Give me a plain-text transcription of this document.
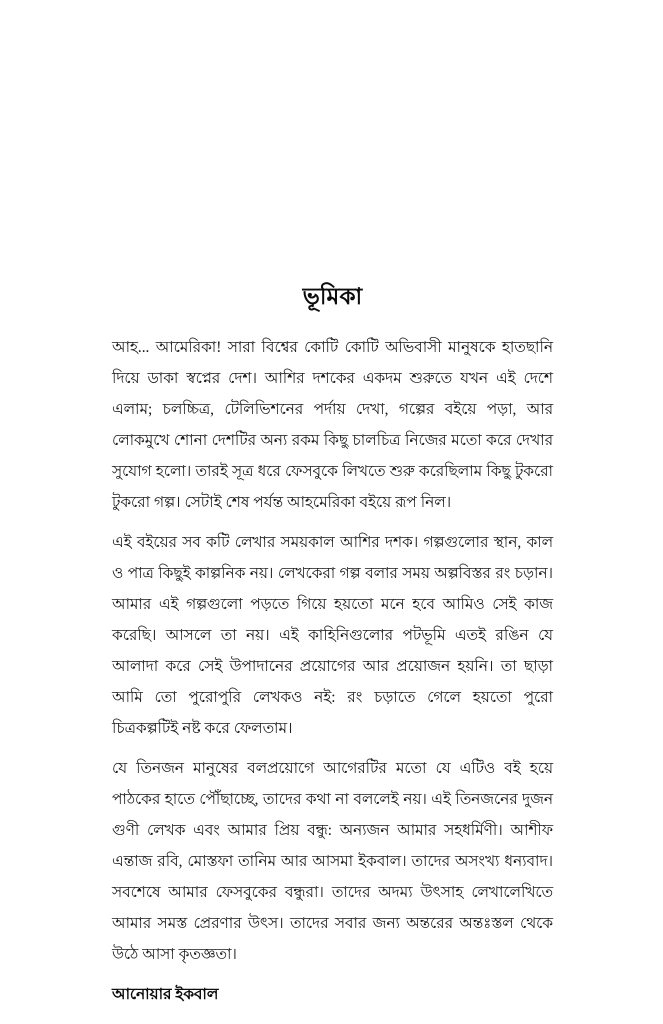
ভূমিকা

আহ... আমেরিকা! সারা বিশ্বের কোটি কোটি অভিবাসী মানুষকে হাতছানি দিয়ে ডাকা স্বপ্নের দেশ। আশির দশকের একদম শুরুতে যখন এই দেশে এলাম; চলচ্চিত্র, টেলিভিশনের পর্দায় দেখা, গল্পের বইয়ে পড়া, আর লোকমুখে শোনা দেশটির অন্য রকম কিছু চালচিত্র নিজের মতো করে দেখার সুযোগ হলো। তারই সূত্র ধরে ফেসবুকে লিখতে শুরু করেছিলাম কিছু টুকরো টুকরো গল্প। সেটাই শেষ পর্যন্ত আহমেরিকা বইয়ে রূপ নিল।

এই বইয়ের সব কটি লেখার সময়কাল আশির দশক। গল্পগুলোর স্থান, কাল ও পাত্র কিছুই কাল্পনিক নয়। লেখকেরা গল্প বলার সময় অল্পবিস্তর রং চড়ান। আমার এই গল্পগুলো পড়তে গিয়ে হয়তো মনে হবে আমিও সেই কাজ করেছি। আসলে তা নয়। এই কাহিনিগুলোর পটভূমি এতই রঙিন যে আলাদা করে সেই উপাদানের প্রয়োগের আর প্রয়োজন হয়নি। তা ছাড়া আমি তো পুরোপুরি লেখকও নই: রং চড়াতে গেলে হয়তো পুরো চিত্রকল্পটিই নষ্ট করে ফেলতাম।

যে তিনজন মানুষের বলপ্রয়োগে আগেরটির মতো যে এটিও বই হয়ে পাঠকের হাতে পৌঁছাচ্ছে, তাদের কথা না বললেই নয়। এই তিনজনের দুজন গুণী লেখক এবং আমার প্রিয় বন্ধু: অন্যজন আমার সহধর্মিণী। আশীফ এন্তাজ রবি, মোস্তফা তানিম আর আসমা ইকবাল। তাদের অসংখ্য ধন্যবাদ। সবশেষে আমার ফেসবুকের বন্ধুরা। তাদের অদম্য উৎসাহ লেখালেখিতে আমার সমস্ত প্রেরণার উৎস। তাদের সবার জন্য অন্তরের অন্তঃস্তল থেকে উঠে আসা কৃতজ্ঞতা।

আনোয়ার ইকবাল
